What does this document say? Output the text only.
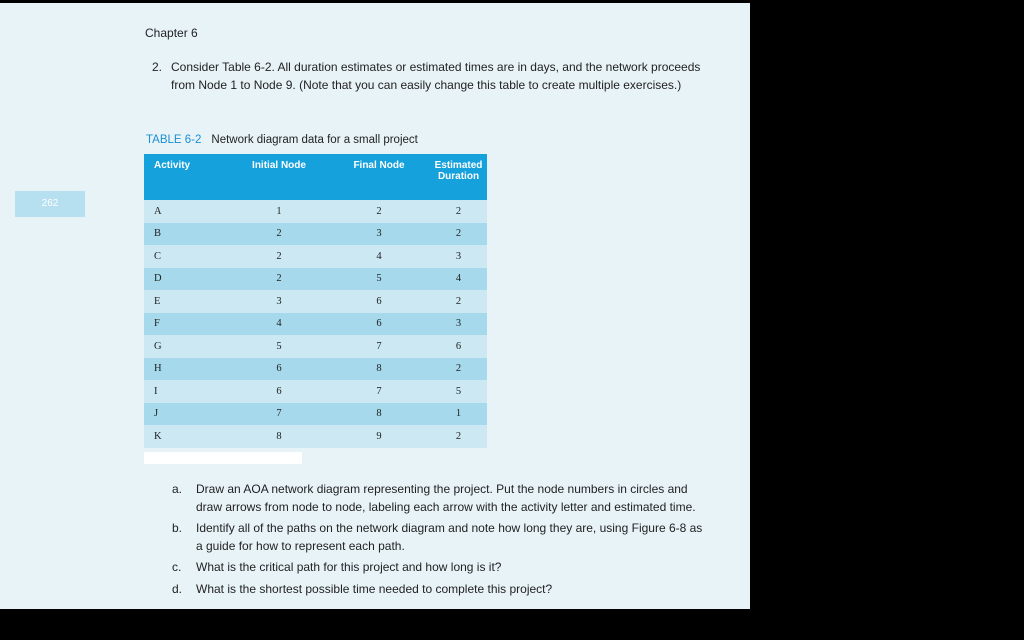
262
Chapter 6
2. Consider Table 6-2. All duration estimates or estimated times are in days, and the network proceeds from Node 1 to Node 9. (Note that you can easily change this table to create multiple exercises.)
TABLE 6-2 Network diagram data for a small project
Activity	Initial Node	Final Node	Estimated Duration
A	1	2	2
B	2	3	2
C	2	4	3
D	2	5	4
E	3	6	2
F	4	6	3
G	5	7	6
H	6	8	2
I	6	7	5
J	7	8	1
K	8	9	2
a. Draw an AOA network diagram representing the project. Put the node numbers in circles and draw arrows from node to node, labeling each arrow with the activity letter and estimated time.
b. Identify all of the paths on the network diagram and note how long they are, using Figure 6-8 as a guide for how to represent each path.
c. What is the critical path for this project and how long is it?
d. What is the shortest possible time needed to complete this project?
